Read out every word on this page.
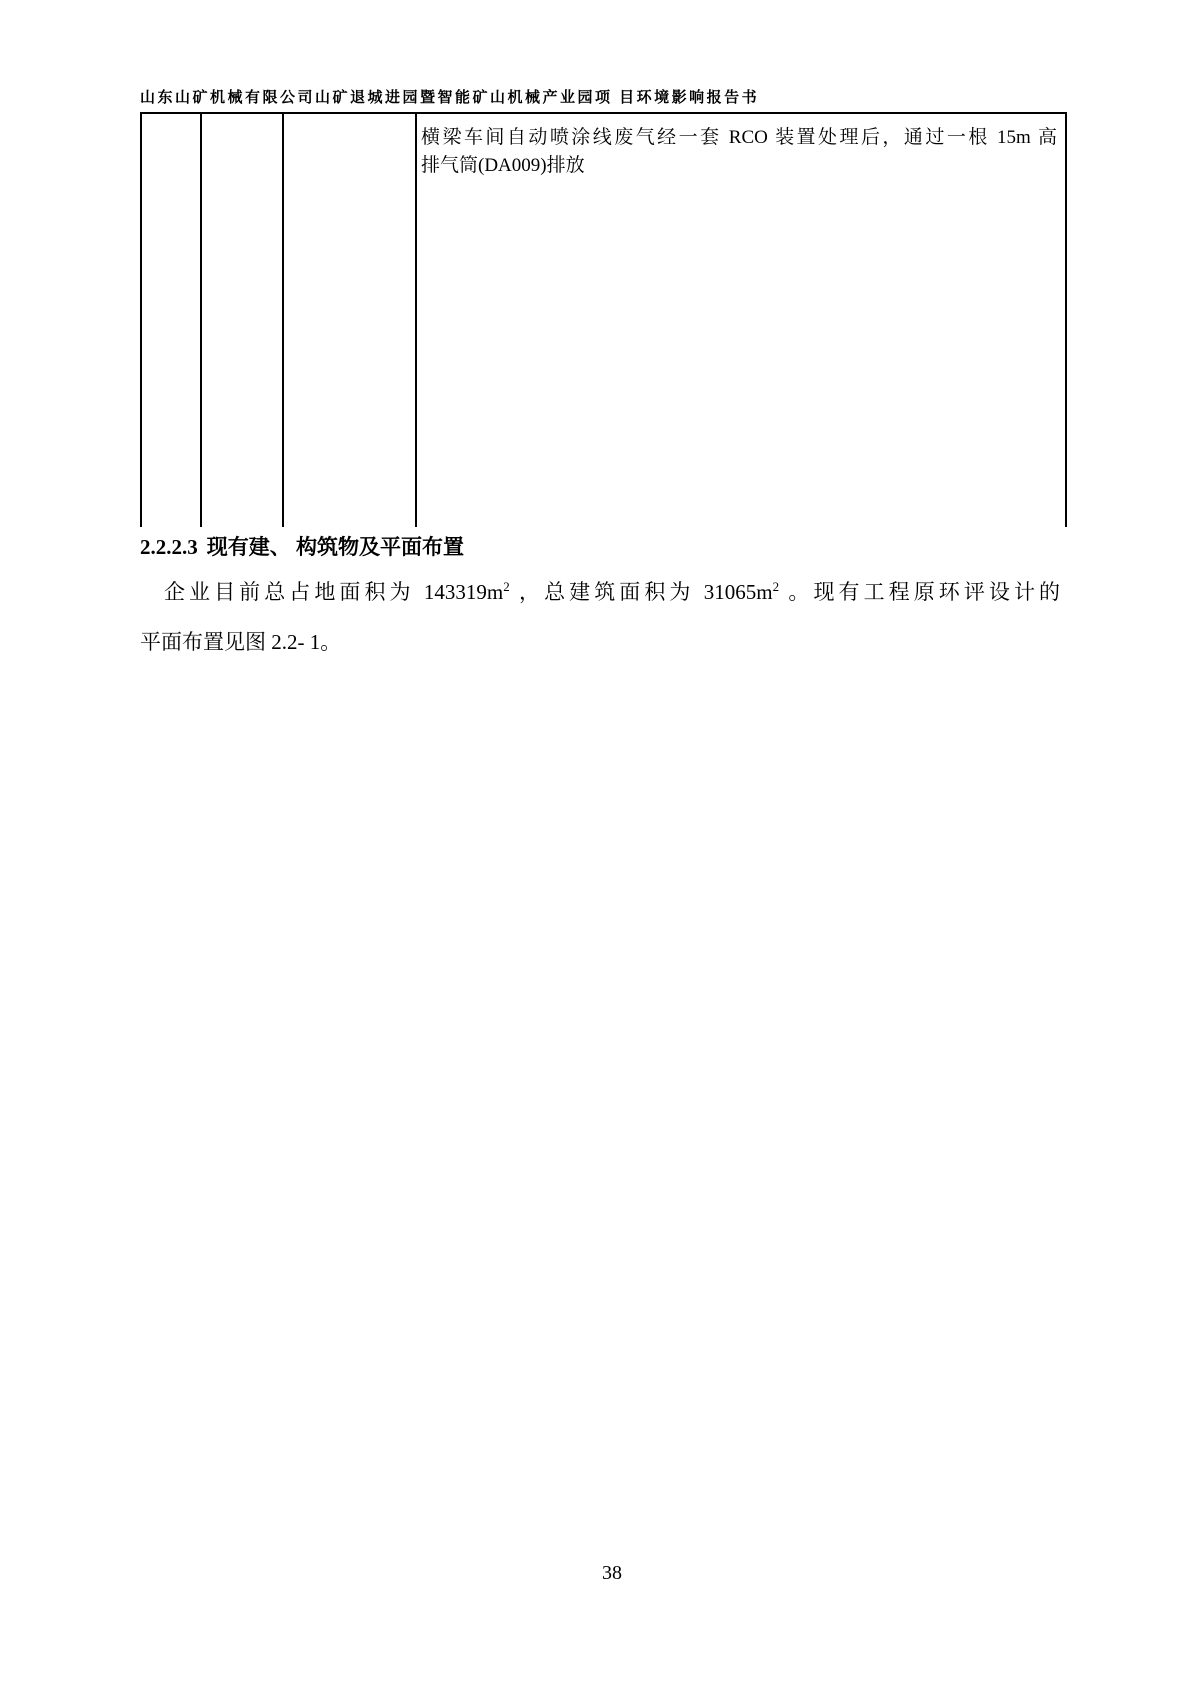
山东山矿机械有限公司山矿退城进园暨智能矿山机械产业园项 目环境影响报告书
横梁车间自动喷涂线废气经一套 RCO 装置处理后，通过一根 15m 高
排气筒(DA009)排放
2.2.2.3 现有建、 构筑物及平面布置
企业目前总占地面积为 $143319m^2$ ，总建筑面积为 $31065m^2$ 。现有工程原环评设计的
平面布置见图 2.2- 1。
38
